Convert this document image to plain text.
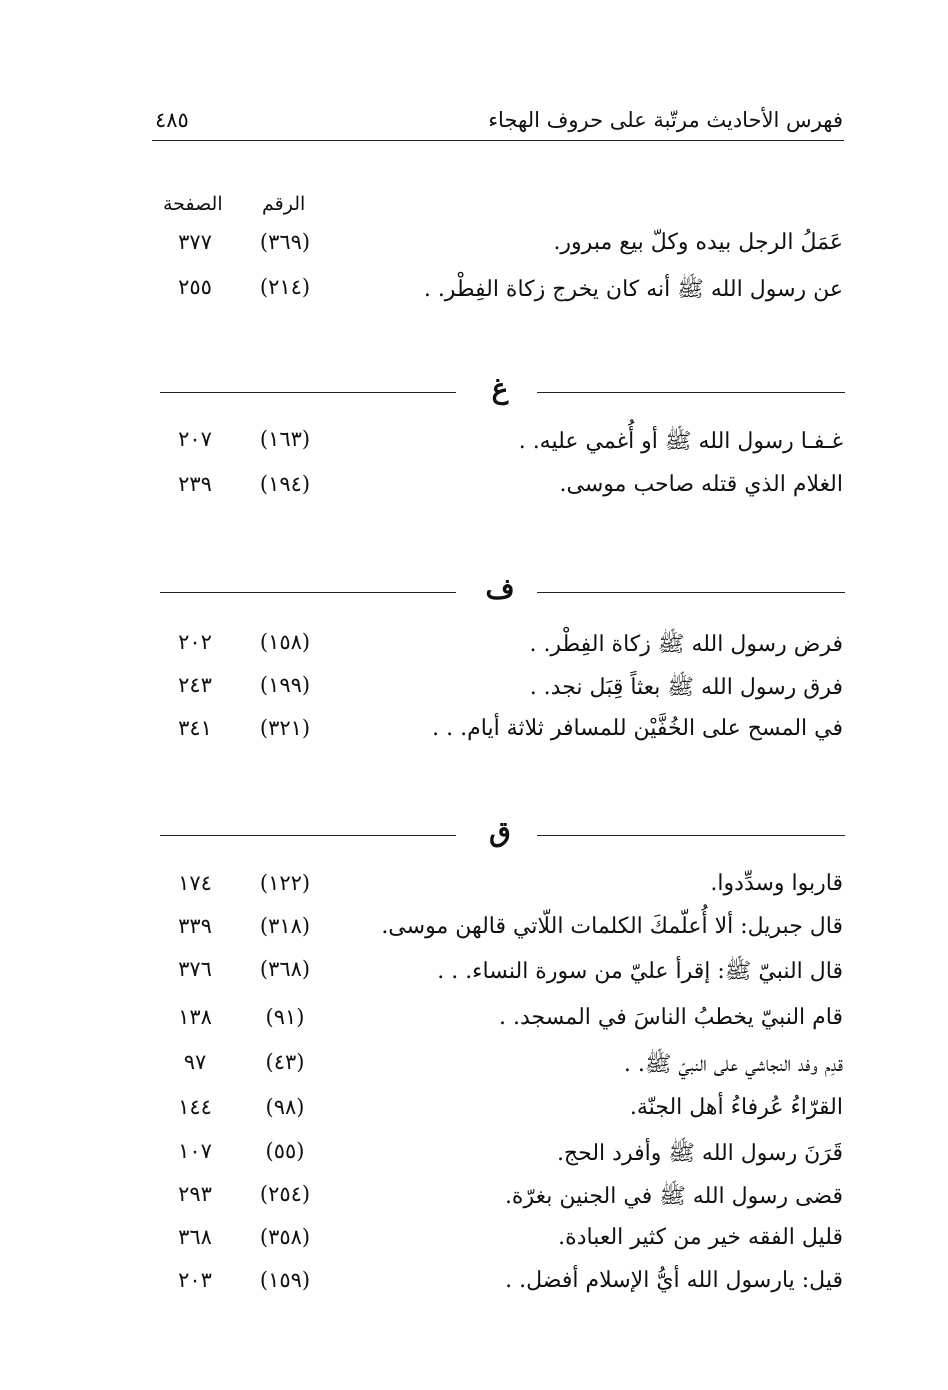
فهرس الأحاديث مرتّبة على حروف الهجاء
٤٨٥
الرقم
الصفحة
عَمَلُ الرجل بيده وكلّ بيع مبرور.
(٣٦٩)
٣٧٧
عن رسول الله ﷺ أنه كان يخرج زكاة الفِطْر. .
(٢١٤)
٢٥٥
غ
غـفـا رسول الله ﷺ أو أُغمي عليه. .
(١٦٣)
٢٠٧
الغلام الذي قتله صاحب موسى.
(١٩٤)
٢٣٩
ف
فرض رسول الله ﷺ زكاة الفِطْر. .
(١٥٨)
٢٠٢
فرق رسول الله ﷺ بعثاً قِبَل نجد. .
(١٩٩)
٢٤٣
في المسح على الخُفَّيْن للمسافر ثلاثة أيام. . .
(٣٢١)
٣٤١
ق
قاربوا وسدِّدوا.
(١٢٢)
١٧٤
قال جبريل: ألا أُعلّمكَ الكلمات اللّاتي قالهن موسى.
(٣١٨)
٣٣٩
قال النبيّ ﷺ: إقرأ عليّ من سورة النساء. . .
(٣٦٨)
٣٧٦
قام النبيّ يخطبُ الناسَ في المسجد. .
(٩١)
١٣٨
قدِم وفد النجاشي على النبيّ ﷺ. .
(٤٣)
٩٧
القرّاءُ عُرفاءُ أهل الجنّة.
(٩٨)
١٤٤
قَرَنَ رسول الله ﷺ وأفرد الحج.
(٥٥)
١٠٧
قضى رسول الله ﷺ في الجنين بغرّة.
(٢٥٤)
٢٩٣
قليل الفقه خير من كثير العبادة.
(٣٥٨)
٣٦٨
قيل: يارسول الله أيُّ الإسلام أفضل. .
(١٥٩)
٢٠٣
